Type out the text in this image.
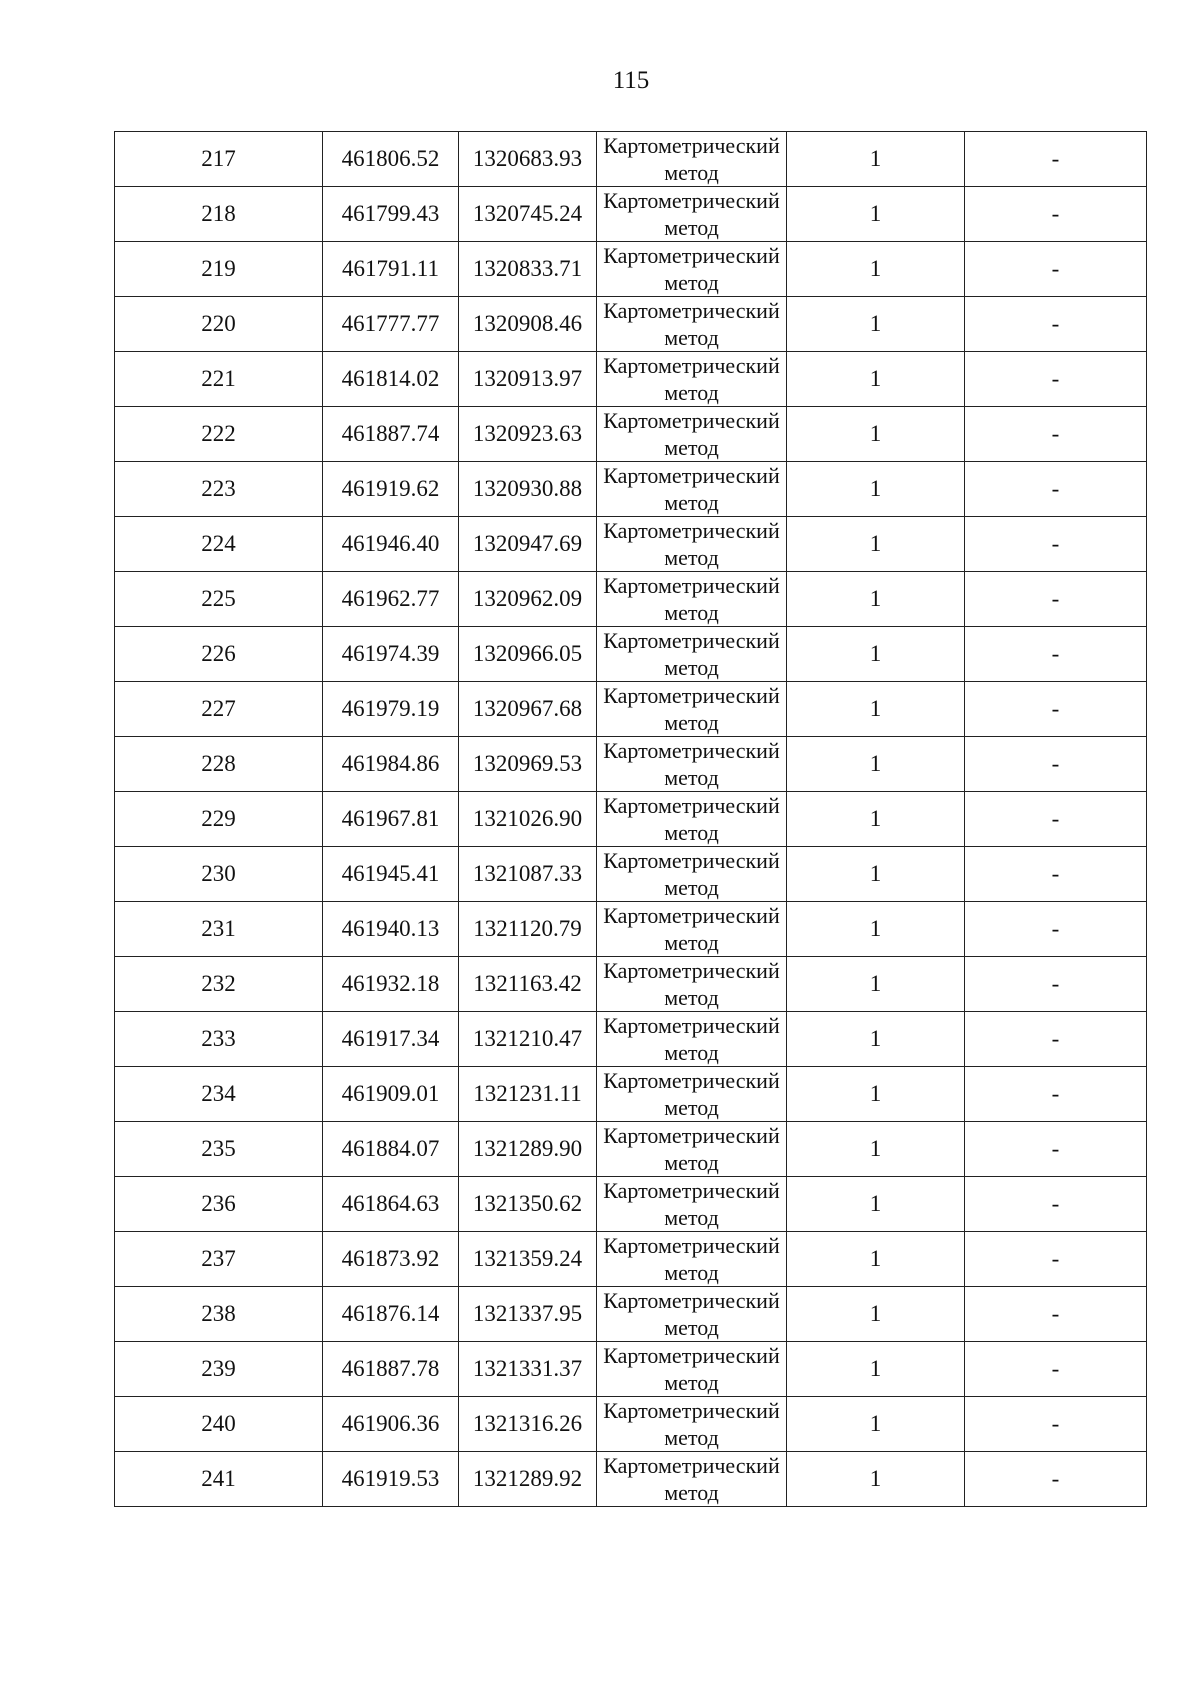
115
217	461806.52	1320683.93	Картометрический метод	1	-
218	461799.43	1320745.24	Картометрический метод	1	-
219	461791.11	1320833.71	Картометрический метод	1	-
220	461777.77	1320908.46	Картометрический метод	1	-
221	461814.02	1320913.97	Картометрический метод	1	-
222	461887.74	1320923.63	Картометрический метод	1	-
223	461919.62	1320930.88	Картометрический метод	1	-
224	461946.40	1320947.69	Картометрический метод	1	-
225	461962.77	1320962.09	Картометрический метод	1	-
226	461974.39	1320966.05	Картометрический метод	1	-
227	461979.19	1320967.68	Картометрический метод	1	-
228	461984.86	1320969.53	Картометрический метод	1	-
229	461967.81	1321026.90	Картометрический метод	1	-
230	461945.41	1321087.33	Картометрический метод	1	-
231	461940.13	1321120.79	Картометрический метод	1	-
232	461932.18	1321163.42	Картометрический метод	1	-
233	461917.34	1321210.47	Картометрический метод	1	-
234	461909.01	1321231.11	Картометрический метод	1	-
235	461884.07	1321289.90	Картометрический метод	1	-
236	461864.63	1321350.62	Картометрический метод	1	-
237	461873.92	1321359.24	Картометрический метод	1	-
238	461876.14	1321337.95	Картометрический метод	1	-
239	461887.78	1321331.37	Картометрический метод	1	-
240	461906.36	1321316.26	Картометрический метод	1	-
241	461919.53	1321289.92	Картометрический метод	1	-
